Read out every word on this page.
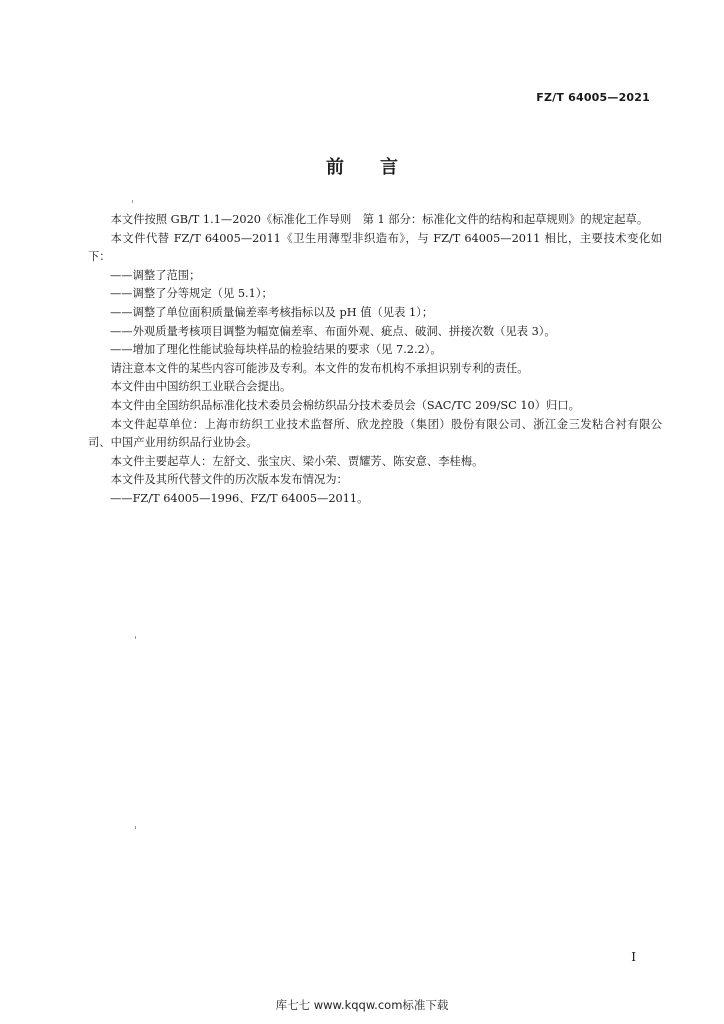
FZ/T 64005—2021
前 言

本文件按照 GB/T 1.1—2020《标准化工作导则　第 1 部分：标准化文件的结构和起草规则》的规定起草。

本文件代替 FZ/T 64005—2011《卫生用薄型非织造布》，与 FZ/T 64005—2011 相比，主要技术变化如下：

——调整了范围；

——调整了分等规定（见 5.1）；

——调整了单位面积质量偏差率考核指标以及 pH 值（见表 1）；

——外观质量考核项目调整为幅宽偏差率、布面外观、疵点、破洞、拼接次数（见表 3）。

——增加了理化性能试验每块样品的检验结果的要求（见 7.2.2）。

请注意本文件的某些内容可能涉及专利。本文件的发布机构不承担识别专利的责任。

本文件由中国纺织工业联合会提出。

本文件由全国纺织品标准化技术委员会棉纺织品分技术委员会（SAC/TC 209/SC 10）归口。

本文件起草单位：上海市纺织工业技术监督所、欣龙控股（集团）股份有限公司、浙江金三发粘合衬有限公司、中国产业用纺织品行业协会。

本文件主要起草人：左舒文、张宝庆、梁小荣、贾耀芳、陈安意、李桂梅。

本文件及其所代替文件的历次版本发布情况为：

——FZ/T 64005—1996、FZ/T 64005—2011。

I
库七七 www.kqqw.com标准下载
